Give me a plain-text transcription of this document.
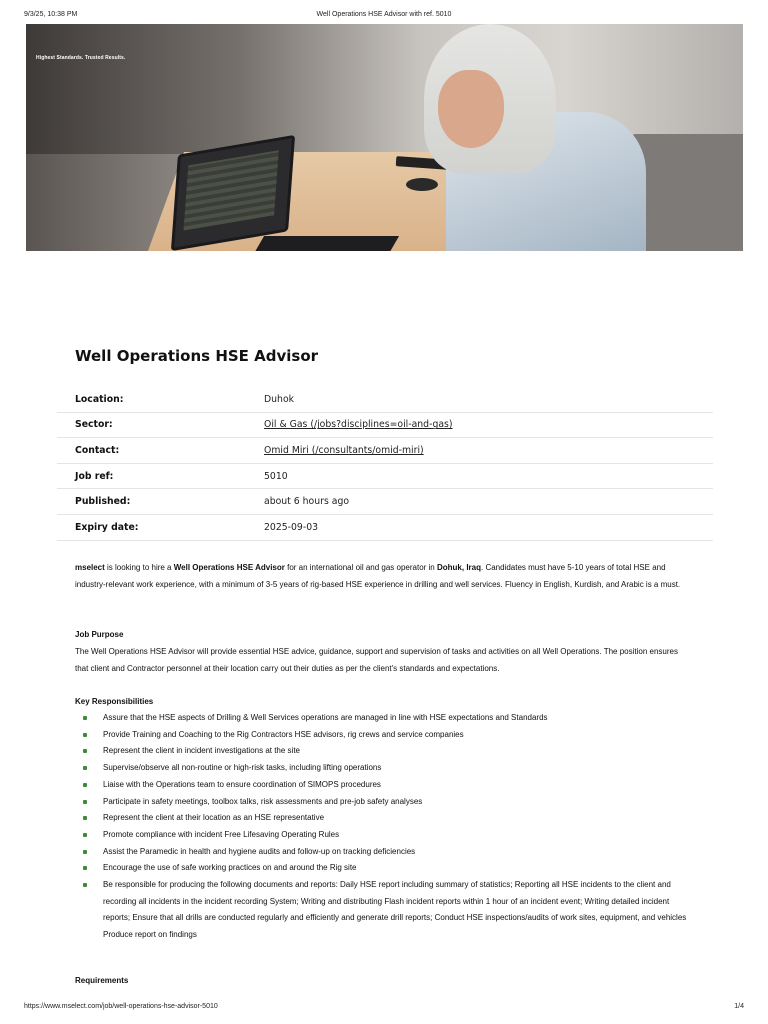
9/3/25, 10:38 PM	Well Operations HSE Advisor with ref. 5010
Highest Standards. Trusted Results.
Well Operations HSE Advisor
Location:	Duhok
Sector:	Oil & Gas (/jobs?disciplines=oil-and-gas)
Contact:	Omid Miri (/consultants/omid-miri)
Job ref:	5010
Published:	about 6 hours ago
Expiry date:	2025-09-03
mselect is looking to hire a Well Operations HSE Advisor for an international oil and gas operator in Dohuk, Iraq. Candidates must have 5-10 years of total HSE and industry-relevant work experience, with a minimum of 3-5 years of rig-based HSE experience in drilling and well services. Fluency in English, Kurdish, and Arabic is a must.
Job Purpose
The Well Operations HSE Advisor will provide essential HSE advice, guidance, support and supervision of tasks and activities on all Well Operations. The position ensures that client and Contractor personnel at their location carry out their duties as per the client's standards and expectations.
Key Responsibilities
Assure that the HSE aspects of Drilling & Well Services operations are managed in line with HSE expectations and Standards
Provide Training and Coaching to the Rig Contractors HSE advisors, rig crews and service companies
Represent the client in incident investigations at the site
Supervise/observe all non-routine or high-risk tasks, including lifting operations
Liaise with the Operations team to ensure coordination of SIMOPS procedures
Participate in safety meetings, toolbox talks, risk assessments and pre-job safety analyses
Represent the client at their location as an HSE representative
Promote compliance with incident Free Lifesaving Operating Rules
Assist the Paramedic in health and hygiene audits and follow-up on tracking deficiencies
Encourage the use of safe working practices on and around the Rig site
Be responsible for producing the following documents and reports: Daily HSE report including summary of statistics; Reporting all HSE incidents to the client and recording all incidents in the incident recording System; Writing and distributing Flash incident reports within 1 hour of an incident event; Writing detailed incident reports; Ensure that all drills are conducted regularly and efficiently and generate drill reports; Conduct HSE inspections/audits of work sites, equipment, and vehicles Produce report on findings
Requirements
https://www.mselect.com/job/well-operations-hse-advisor-5010	1/4
